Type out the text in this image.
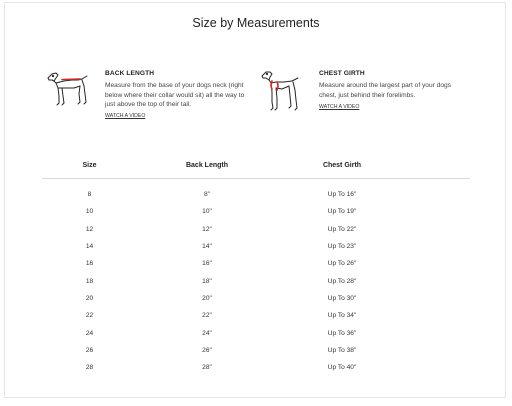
Size by Measurements
BACK LENGTH
Measure from the base of your dogs neck (right below where their collar would sit) all the way to just above the top of their tail.
WATCH A VIDEO
CHEST GIRTH
Measure around the largest part of your dogs chest, just behind their forelimbs.
WATCH A VIDEO
Size	Back Length	Chest Girth	

8	8"	Up To 16"	
10	10"	Up To 19"	
12	12"	Up To 22"	
14	14"	Up To 23"	
16	16"	Up To 26"	
18	18"	Up To 28"	
20	20"	Up To 30"	
22	22"	Up To 34"	
24	24"	Up To 36"	
26	26"	Up To 38"	
28	28"	Up To 40"	
